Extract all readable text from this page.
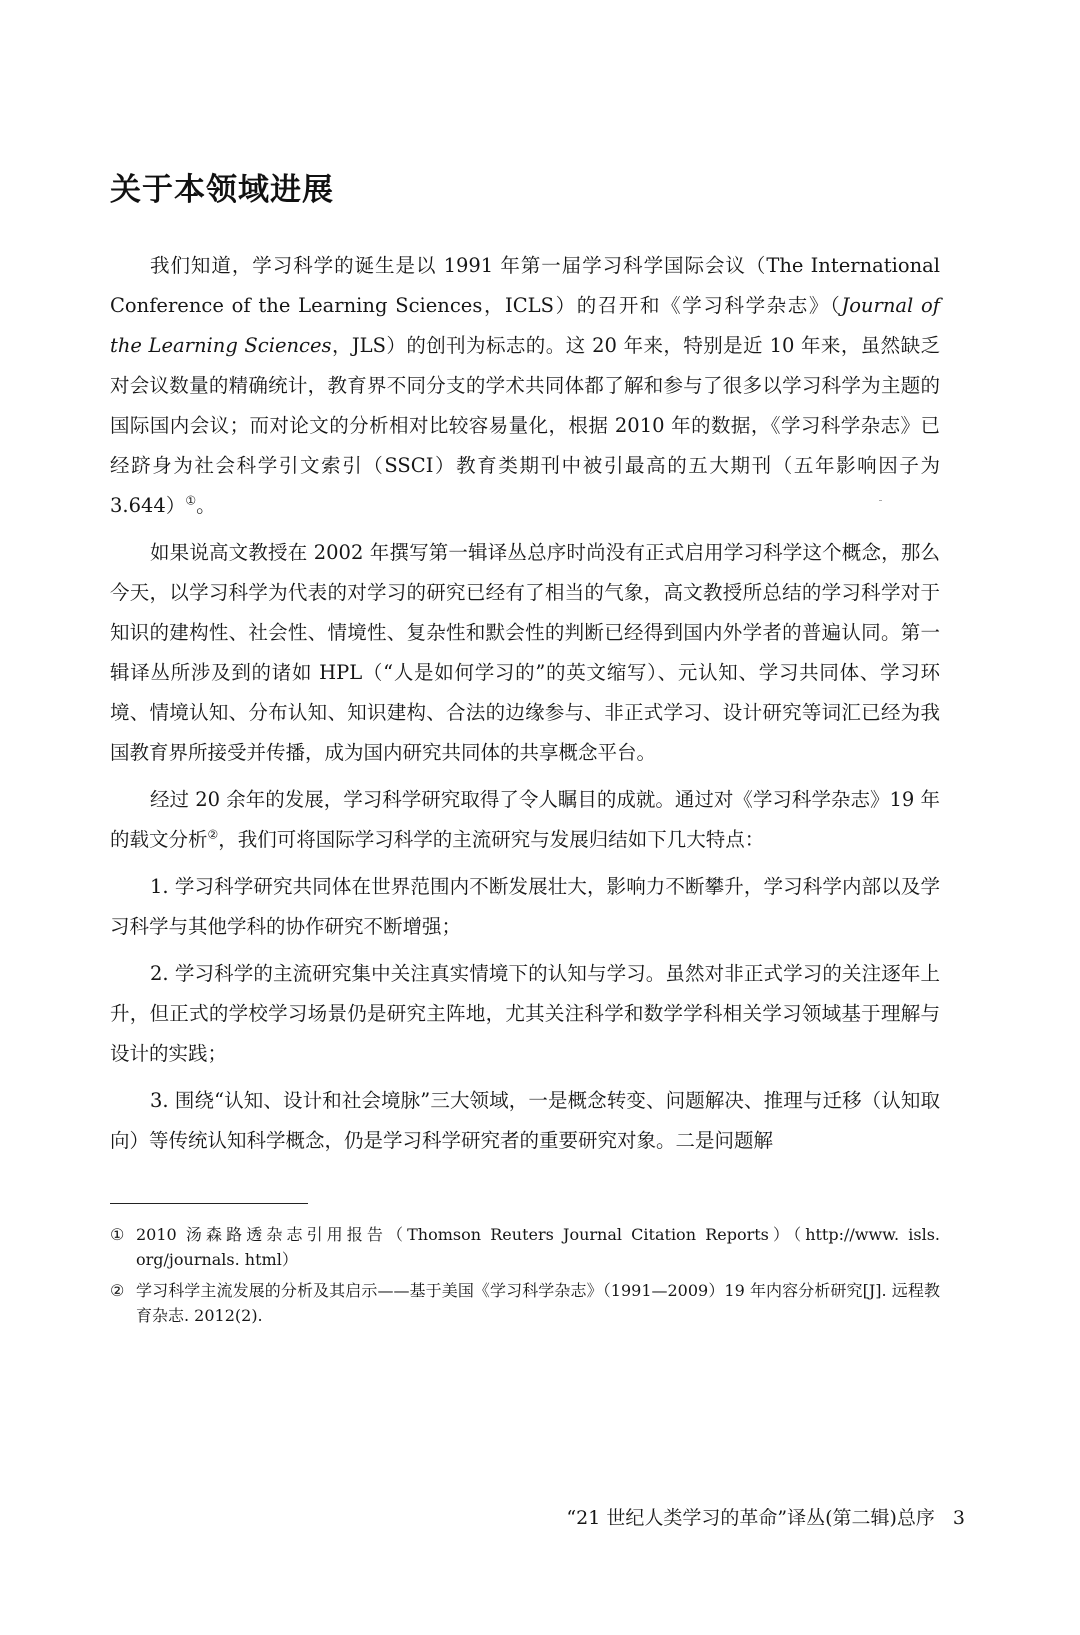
关于本领域进展

我们知道，学习科学的诞生是以 1991 年第一届学习科学国际会议（The International Conference of the Learning Sciences，ICLS）的召开和《学习科学杂志》（Journal of the Learning Sciences，JLS）的创刊为标志的。这 20 年来，特别是近 10 年来，虽然缺乏对会议数量的精确统计，教育界不同分支的学术共同体都了解和参与了很多以学习科学为主题的国际国内会议；而对论文的分析相对比较容易量化，根据 2010 年的数据，《学习科学杂志》已经跻身为社会科学引文索引（SSCI）教育类期刊中被引最高的五大期刊（五年影响因子为 3.644）①。

如果说高文教授在 2002 年撰写第一辑译丛总序时尚没有正式启用学习科学这个概念，那么今天，以学习科学为代表的对学习的研究已经有了相当的气象，高文教授所总结的学习科学对于知识的建构性、社会性、情境性、复杂性和默会性的判断已经得到国内外学者的普遍认同。第一辑译丛所涉及到的诸如 HPL（“人是如何学习的”的英文缩写）、元认知、学习共同体、学习环境、情境认知、分布认知、知识建构、合法的边缘参与、非正式学习、设计研究等词汇已经为我国教育界所接受并传播，成为国内研究共同体的共享概念平台。

经过 20 余年的发展，学习科学研究取得了令人瞩目的成就。通过对《学习科学杂志》19 年的载文分析②，我们可将国际学习科学的主流研究与发展归结如下几大特点：

1. 学习科学研究共同体在世界范围内不断发展壮大，影响力不断攀升，学习科学内部以及学习科学与其他学科的协作研究不断增强；

2. 学习科学的主流研究集中关注真实情境下的认知与学习。虽然对非正式学习的关注逐年上升，但正式的学校学习场景仍是研究主阵地，尤其关注科学和数学学科相关学习领域基于理解与设计的实践；

3. 围绕“认知、设计和社会境脉”三大领域，一是概念转变、问题解决、推理与迁移（认知取向）等传统认知科学概念，仍是学习科学研究者的重要研究对象。二是问题解

① 2010 汤森路透杂志引用报告（Thomson Reuters Journal Citation Reports）（http://www. isls. org/journals. html）
② 学习科学主流发展的分析及其启示——基于美国《学习科学杂志》（1991—2009）19 年内容分析研究[J]. 远程教育杂志. 2012(2).
“21 世纪人类学习的革命”译丛(第二辑)总序 3
